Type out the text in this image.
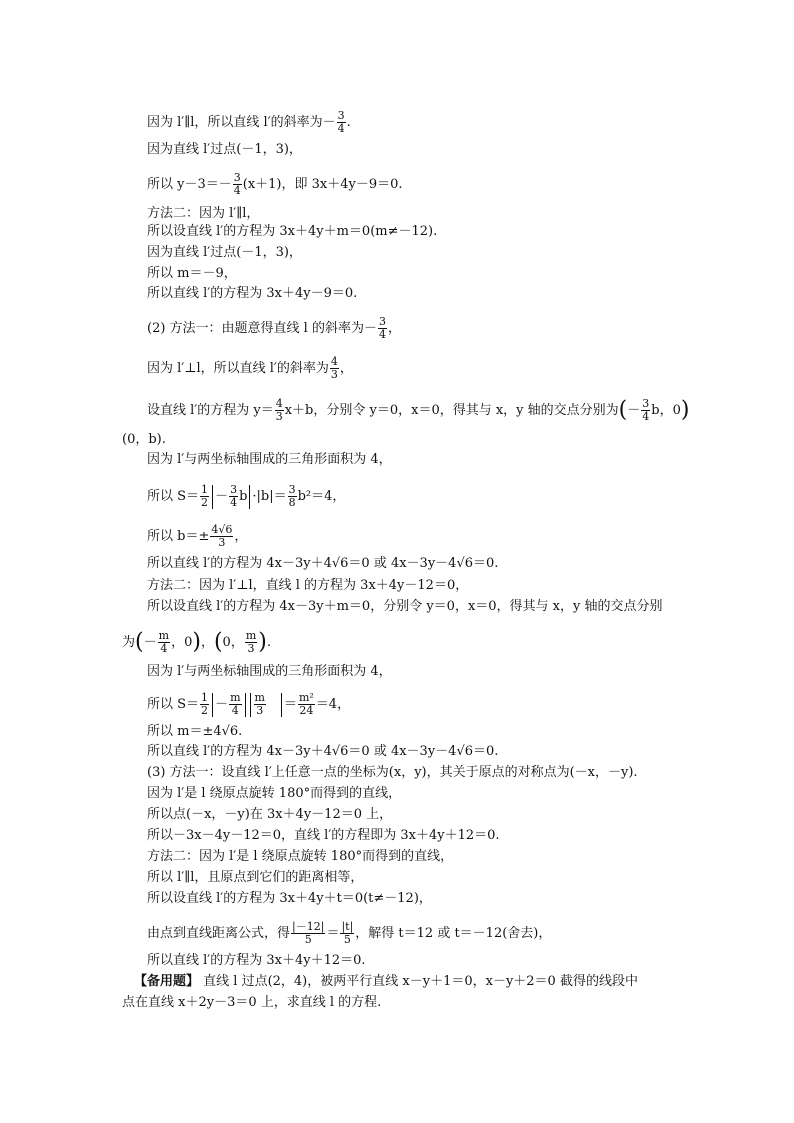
因为 l′∥l，所以直线 l′的斜率为－ $\frac{3}{4}$ .
因为直线 l′过点(－1，3)，
所以 $y-3=- \frac{3}{4} (x+1)$，即 3x＋4y－9＝0.
方法二：因为 l′∥l，
所以设直线 l′的方程为 3x＋4y＋m＝0(m≠－12).
因为直线 l′过点(－1，3)，
所以 m＝－9，
所以直线 l′的方程为 3x＋4y－9＝0.
(2) 方法一：由题意得直线 l 的斜率为－ $\frac{3}{4}$ ，
因为 l′⊥l，所以直线 l′的斜率为 $\frac{4}{3}$ ，
设直线 l′的方程为 $y= \frac{4}{3} x+b$，分别令 y＝0，x＝0，得其与 x，y 轴的交点分别为(－ $\frac{3}{4}$ b，0)
(0，b).
因为 l′与两坐标轴围成的三角形面积为 4，
所以 $S= \frac{1}{2} - \frac{3}{4}$ $b \cdot|b|= \frac{3}{8} b^2=4$，
所以 $b=\pm \frac{4√6}{3}$ ，
所以直线 l′的方程为 4x－3y＋4√6＝0 或 4x－3y－4√6＝0.
方法二：因为 l′⊥l，直线 l 的方程为 3x＋4y－12＝0，
所以设直线 l′的方程为 4x－3y＋m＝0，分别令 y＝0，x＝0，得其与 x，y 轴的交点分别
为(－ $\frac{m}{4}$ ，0)，(0， $\frac{m}{3}$ ).
因为 l′与两坐标轴围成的三角形面积为 4，
所以 $S= \frac{1}{2} - \frac{m}{4} \frac{m}{3} = \frac{\text{m²}}{24} =4$，
所以 m＝±4√6.
所以直线 l′的方程为 4x－3y＋4√6＝0 或 4x－3y－4√6＝0.
(3) 方法一：设直线 l′上任意一点的坐标为(x，y)，其关于原点的对称点为(－x，－y).
因为 l′是 l 绕原点旋转 180°而得到的直线，
所以点(－x，－y)在 3x＋4y－12＝0 上，
所以－3x－4y－12＝0，直线 l′的方程即为 3x＋4y＋12＝0.
方法二：因为 l′是 l 绕原点旋转 180°而得到的直线，
所以 l′∥l，且原点到它们的距离相等，
所以设直线 l′的方程为 3x＋4y＋t＝0(t≠－12)，
由点到直线距离公式，得 $\frac{|-12|}{5} = \frac{|t|}{5}$ ，解得 t＝12 或 t＝－12(舍去)，
所以直线 l′的方程为 3x＋4y＋12＝0.
【备用题】 直线 l 过点(2，4)，被两平行直线 x－y＋1＝0，x－y＋2＝0 截得的线段中
点在直线 x＋2y－3＝0 上，求直线 l 的方程.
